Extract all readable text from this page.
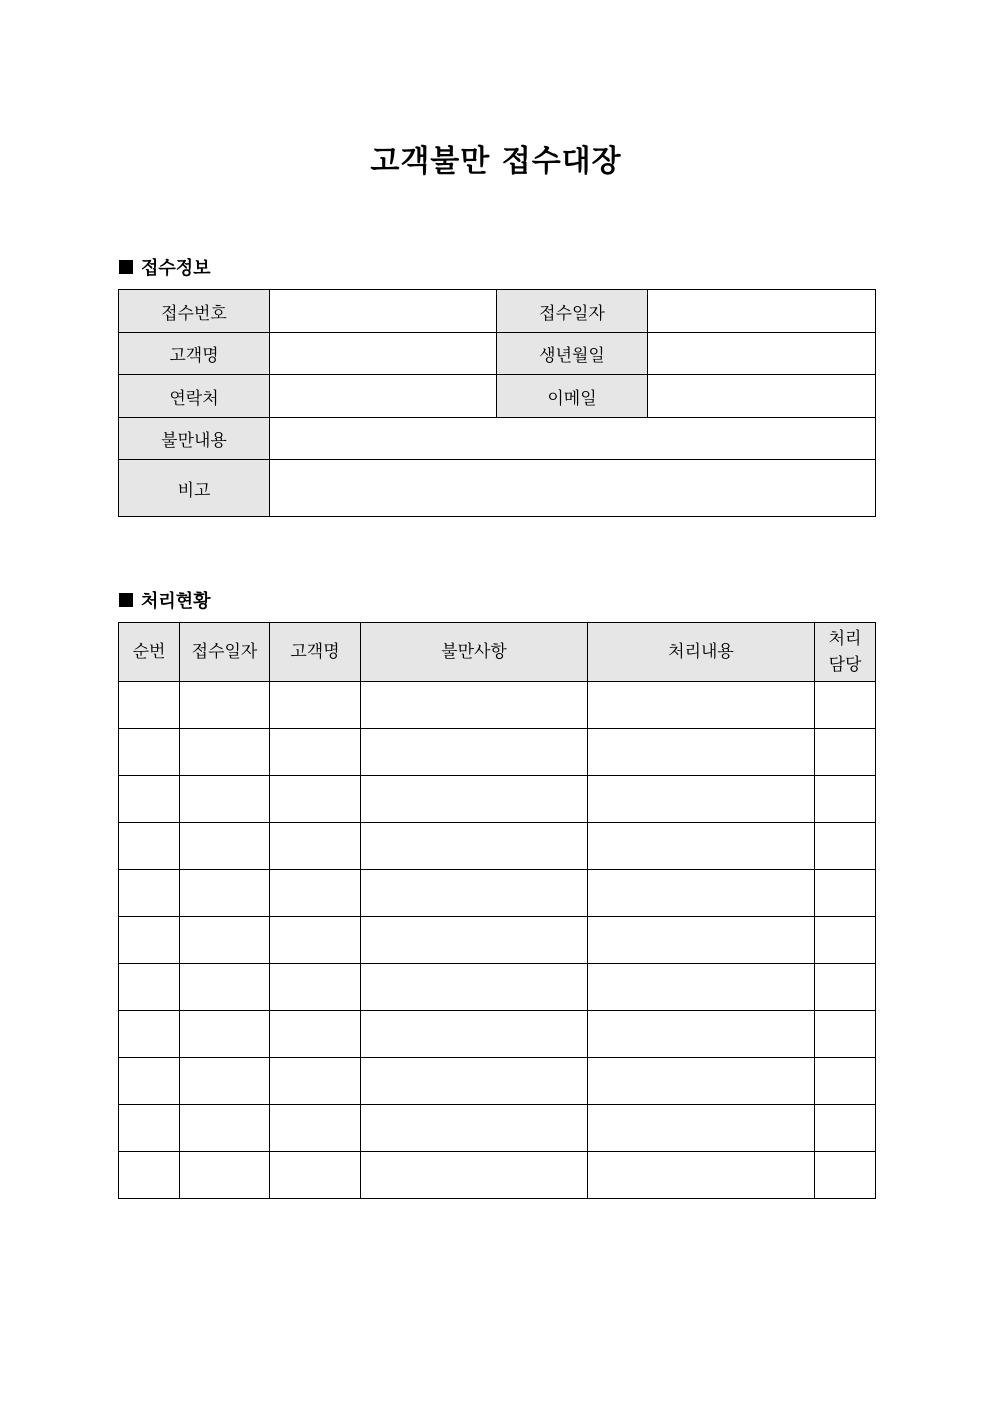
고객불만 접수대장
접수정보
접수번호		접수일자	
고객명		생년월일	
연락처		이메일	
불만내용			
비고			
처리현황
순번	접수일자	고객명	불만사항	처리내용	처리
담당
